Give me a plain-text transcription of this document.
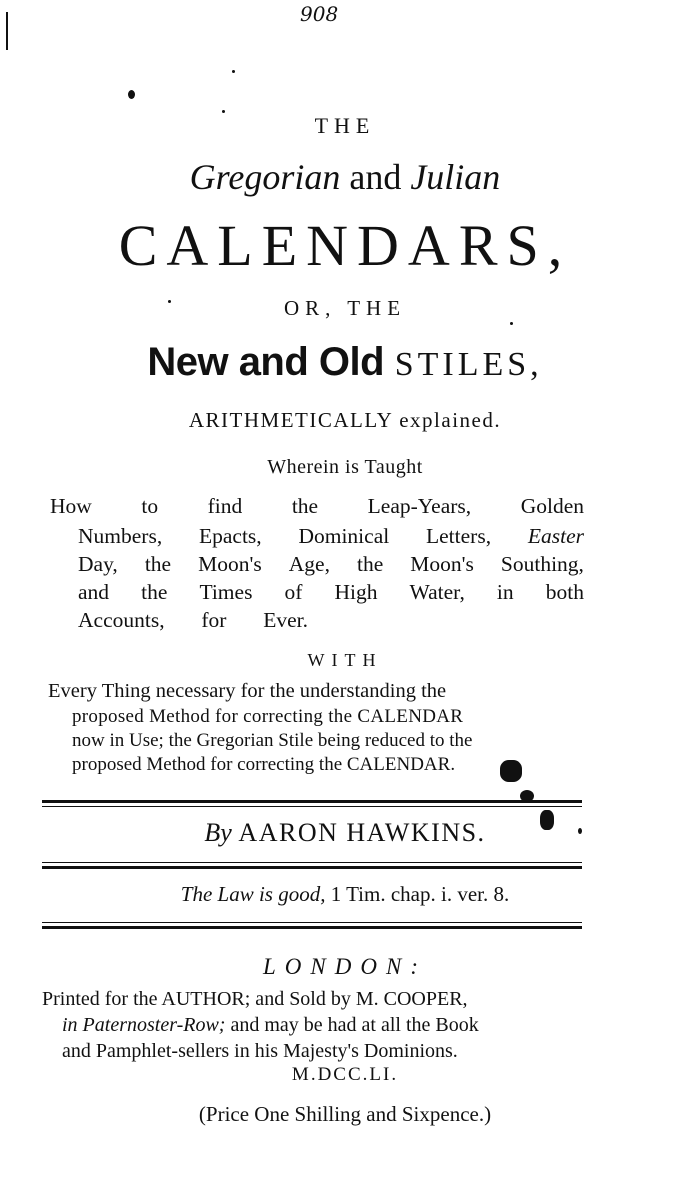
908
THE
Gregorian and Julian
CALENDARS,
OR, THE
New and Old STILES,
ARITHMETICALLY explained.
Wherein is Taught
How to find the Leap-Years, Golden
Numbers, Epacts, Dominical Letters, Easter
Day, the Moon's Age, the Moon's Southing,
and the Times of High Water, in both
Accounts, for Ever.
WITH
Every Thing necessary for the understanding the
proposed Method for correcting the CALENDAR
now in Use; the Gregorian Stile being reduced to the
proposed Method for correcting the CALENDAR.
By AARON HAWKINS.
The Law is good, 1 Tim. chap. i. ver. 8.
LONDON:
Printed for the AUTHOR; and Sold by M. COOPER,
in Paternoster-Row; and may be had at all the Book
and Pamphlet-sellers in his Majesty's Dominions.
M.DCC.LI.
(Price One Shilling and Sixpence.)
